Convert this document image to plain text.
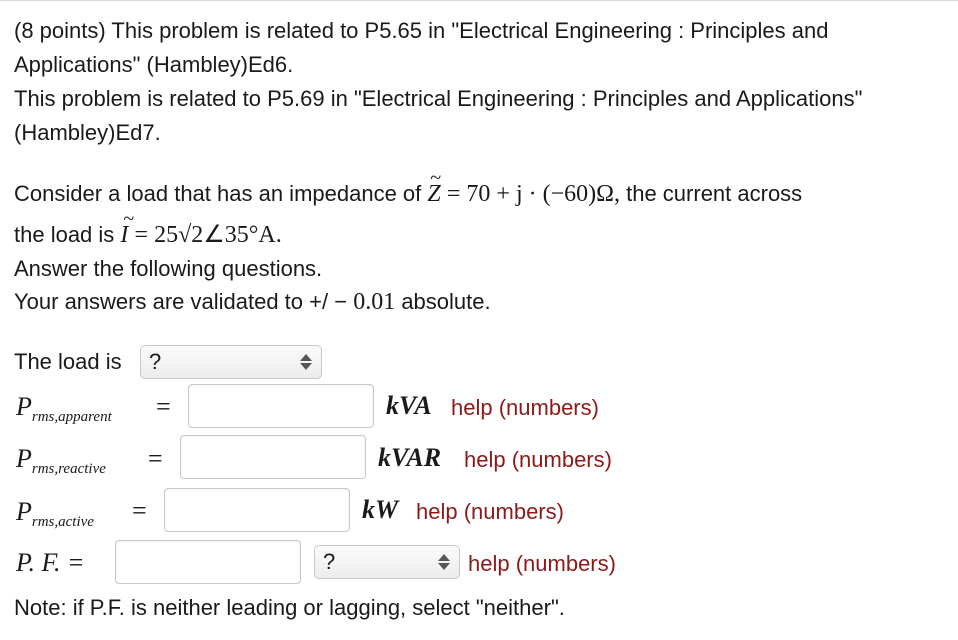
(8 points) This problem is related to P5.65 in "Electrical Engineering : Principles and
Applications" (Hambley)Ed6.
This problem is related to P5.69 in "Electrical Engineering : Principles and Applications"
(Hambley)Ed7.
Consider a load that has an impedance of ~ Z = 70 + j · (−60)Ω, the current across
the load is ~ I = 25√2∠35°A.
Answer the following questions.
Your answers are validated to +/ − 0.01 absolute.
The load is ?
$P_{rms,apparent}$ =	kVA help (numbers)
$P_{rms,reactive}$ =	kVAR help (numbers)
$P_{rms,active}$ =	kW help (numbers)
P. F. =	?	help (numbers)
Note: if P.F. is neither leading or lagging, select "neither".
